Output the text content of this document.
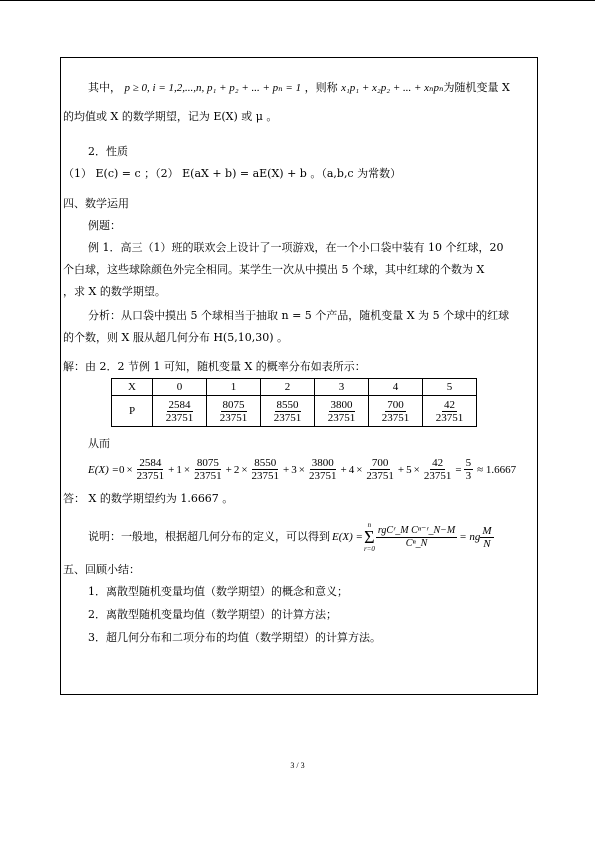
其中， p ≥ 0, i = 1,2,...,n, p₁ + p₂ + ... + pₙ = 1 ，则称 x₁p₁ + x₂p₂ + ... + xₙpₙ为随机变量 X
的均值或 X 的数学期望，记为 E(X) 或 μ 。
2．性质
（1） E(c) = c ；（2） E(aX + b) = aE(X) + b 。（a,b,c 为常数）
四、数学运用
例题：
例 1．高三（1）班的联欢会上设计了一项游戏，在一个小口袋中装有 10 个红球，20
个白球，这些球除颜色外完全相同。某学生一次从中摸出 5 个球，其中红球的个数为 X
，求 X 的数学期望。
分析：从口袋中摸出 5 个球相当于抽取 n = 5 个产品，随机变量 X 为 5 个球中的红球
的个数，则 X 服从超几何分布 H(5,10,30) 。
解：由 2．2 节例 1 可知，随机变量 X 的概率分布如表所示：
X	0	1	2	3	4	5
P	$\frac{2584}{23751}$	$\frac{8075}{23751}$	$\frac{8550}{23751}$	$\frac{3800}{23751}$	$\frac{700}{23751}$	$\frac{42}{23751}$
从而
$E(X) = 0 \times \frac{2584}{23751} + 1 \times \frac{8075}{23751} + 2 \times \frac{8550}{23751} + 3 \times \frac{3800}{23751} + 4 \times \frac{700}{23751} + 5 \times \frac{42}{23751} = \frac{5}{3} \approx 1.6667$
答： X 的数学期望约为 1.6667 。
说明：一般地，根据超几何分布的定义，可以得到 E(X) =
n
Σ
$r=0 \frac{\text{rgCʳ\_M Cⁿ⁻ʳ\_N−M}}{\text{Cⁿ\_N}}$ = ng $\frac{M}{N}$
五、回顾小结：
1．离散型随机变量均值（数学期望）的概念和意义；
2．离散型随机变量均值（数学期望）的计算方法；
3．超几何分布和二项分布的均值（数学期望）的计算方法。
3 / 3
